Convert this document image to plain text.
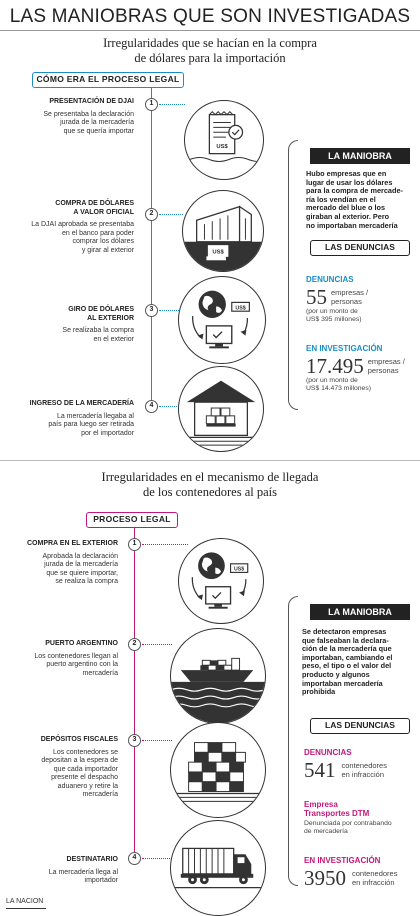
LAS MANIOBRAS QUE SON INVESTIGADAS
Irregularidades que se hacían en la compra
de dólares para la importación
CÓMO ERA EL PROCESO LEGAL
PRESENTACIÓN DE DJAI
Se presentaba la declaración
jurada de la mercadería
que se quería importar
1
US$
COMPRA DE DÓLARES
A VALOR OFICIAL
La DJAI aprobada se presentaba
en el banco para poder
comprar los dólares
y girar al exterior
2
US$
GIRO DE DÓLARES
AL EXTERIOR
Se realizaba la compra
en el exterior
3	US$
INGRESO DE LA MERCADERÍA
La mercadería llegaba al
país para luego ser retirada
por el importador
4
LA MANIOBRA
Hubo empresas que en
lugar de usar los dólares
para la compra de mercade-
ría los vendían en el
mercado del blue o los
giraban al exterior. Pero
no importaban mercadería
LAS DENUNCIAS
DENUNCIAS
55 empresas /
personas
(por un monto de
US$ 395 millones)
EN INVESTIGACIÓN
17.495 empresas /
personas
(por un monto de
US$ 14.473 millones)
Irregularidades en el mecanismo de llegada
de los contenedores al país
PROCESO LEGAL
COMPRA EN EL EXTERIOR
Aprobada la declaración
jurada de la mercadería
que se quiere importar,
se realiza la compra
1
US$
PUERTO ARGENTINO
Los contenedores llegan al
puerto argentino con la
mercadería
2
DEPÓSITOS FISCALES
Los contenedores se
depositan a la espera de
que cada importador
presente el despacho
aduanero y retire la
mercadería
3
DESTINATARIO
La mercadería llega al
importador
4
LA MANIOBRA
Se detectaron empresas
que falseaban la declara-
ción de la mercadería que
importaban, cambiando el
peso, el tipo o el valor del
producto y algunos
importaban mercadería
prohibida
LAS DENUNCIAS
DENUNCIAS
541 contenedores
en infracción
Empresa
Transportes DTM
Denunciada por contrabando
de mercadería
EN INVESTIGACIÓN
3950 contenedores
en infracción
LA NACION
